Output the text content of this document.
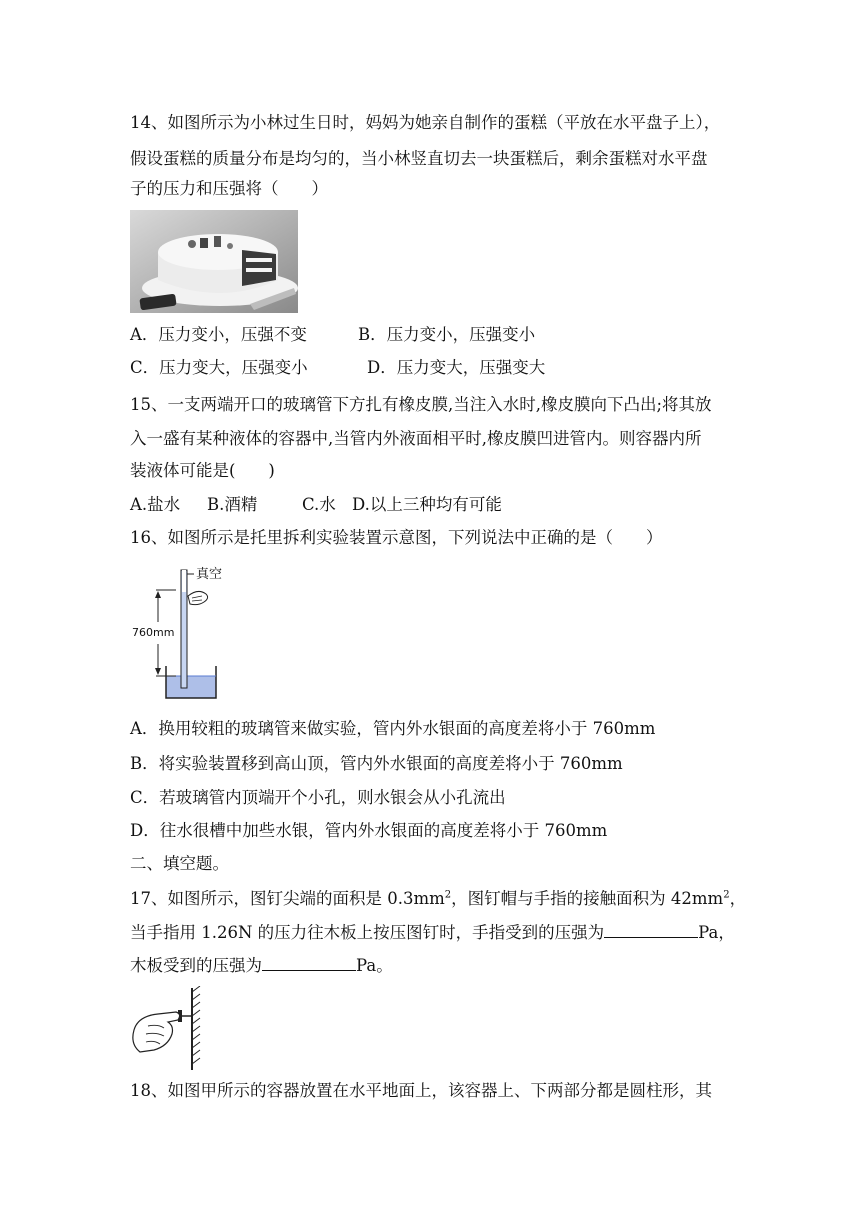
14、如图所示为小林过生日时，妈妈为她亲自制作的蛋糕（平放在水平盘子上），
假设蛋糕的质量分布是均匀的，当小林竖直切去一块蛋糕后，剩余蛋糕对水平盘
子的压力和压强将（　　）
A．压力变小，压强不变	B．压力变小，压强变小
C．压力变大，压强变小	D．压力变大，压强变大
15、一支两端开口的玻璃管下方扎有橡皮膜,当注入水时,橡皮膜向下凸出;将其放
入一盛有某种液体的容器中,当管内外液面相平时,橡皮膜凹进管内。则容器内所
装液体可能是(　　)
A.盐水 B.酒精	C.水 D.以上三种均有可能
16、如图所示是托里拆利实验装置示意图，下列说法中正确的是（　　）
真空
760mm
A．换用较粗的玻璃管来做实验，管内外水银面的高度差将小于 760mm
B．将实验装置移到高山顶，管内外水银面的高度差将小于 760mm
C．若玻璃管内顶端开个小孔，则水银会从小孔流出
D．往水很槽中加些水银，管内外水银面的高度差将小于 760mm
二、填空题。
17、如图所示，图钉尖端的面积是 $0.3mm^2$，图钉帽与手指的接触面积为 $42mm^2$，
当手指用 1.26N 的压力往木板上按压图钉时，手指受到的压强为	Pa，
木板受到的压强为	Pa。
18、如图甲所示的容器放置在水平地面上，该容器上、下两部分都是圆柱形，其
